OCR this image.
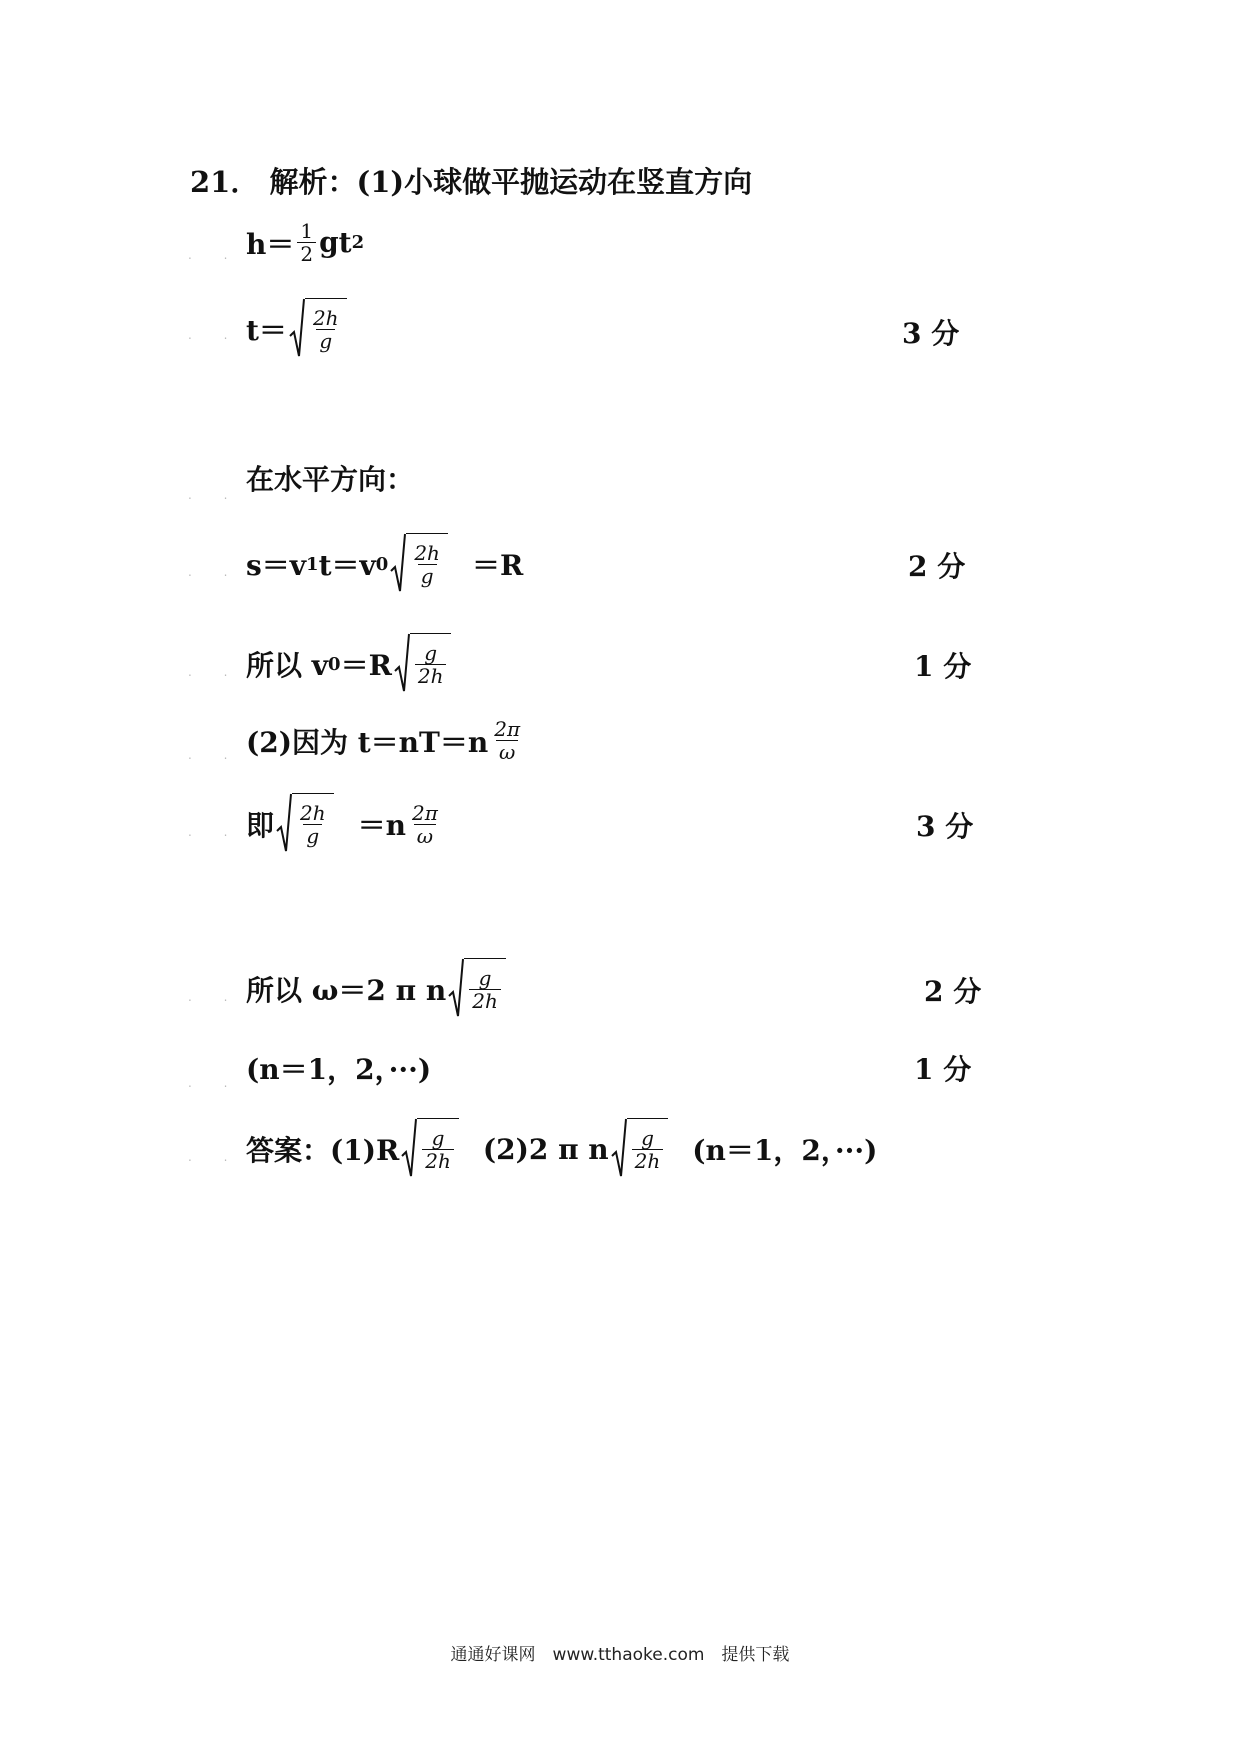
21． 解析：(1)小球做平抛运动在竖直方向
. . $h= \frac{1}{2}$ gt 2
. . $t= \frac{2h}{g}$	3 分
. . 在水平方向：
. . s＝v 1 t＝v $0 \frac{2h}{g} =R$	2 分
. . 所以 v $0 =R \frac{g}{2h}$	1 分
. . (2)因为 $t=nT=n \frac{2\pi}{\omega}$
. . 即 $\frac{2h}{g} =n \frac{2\pi}{\omega}$	3 分
. . 所以 ω＝2 π n $\frac{g}{2h}$	2 分
. . (n＝1，2，···)	1 分
. . 答案：$(1)R \frac{g}{2h} (2)2$ π n $\frac{g}{2h} (n=1$，2，···)
通通好课网　www.tthaoke.com　提供下载
